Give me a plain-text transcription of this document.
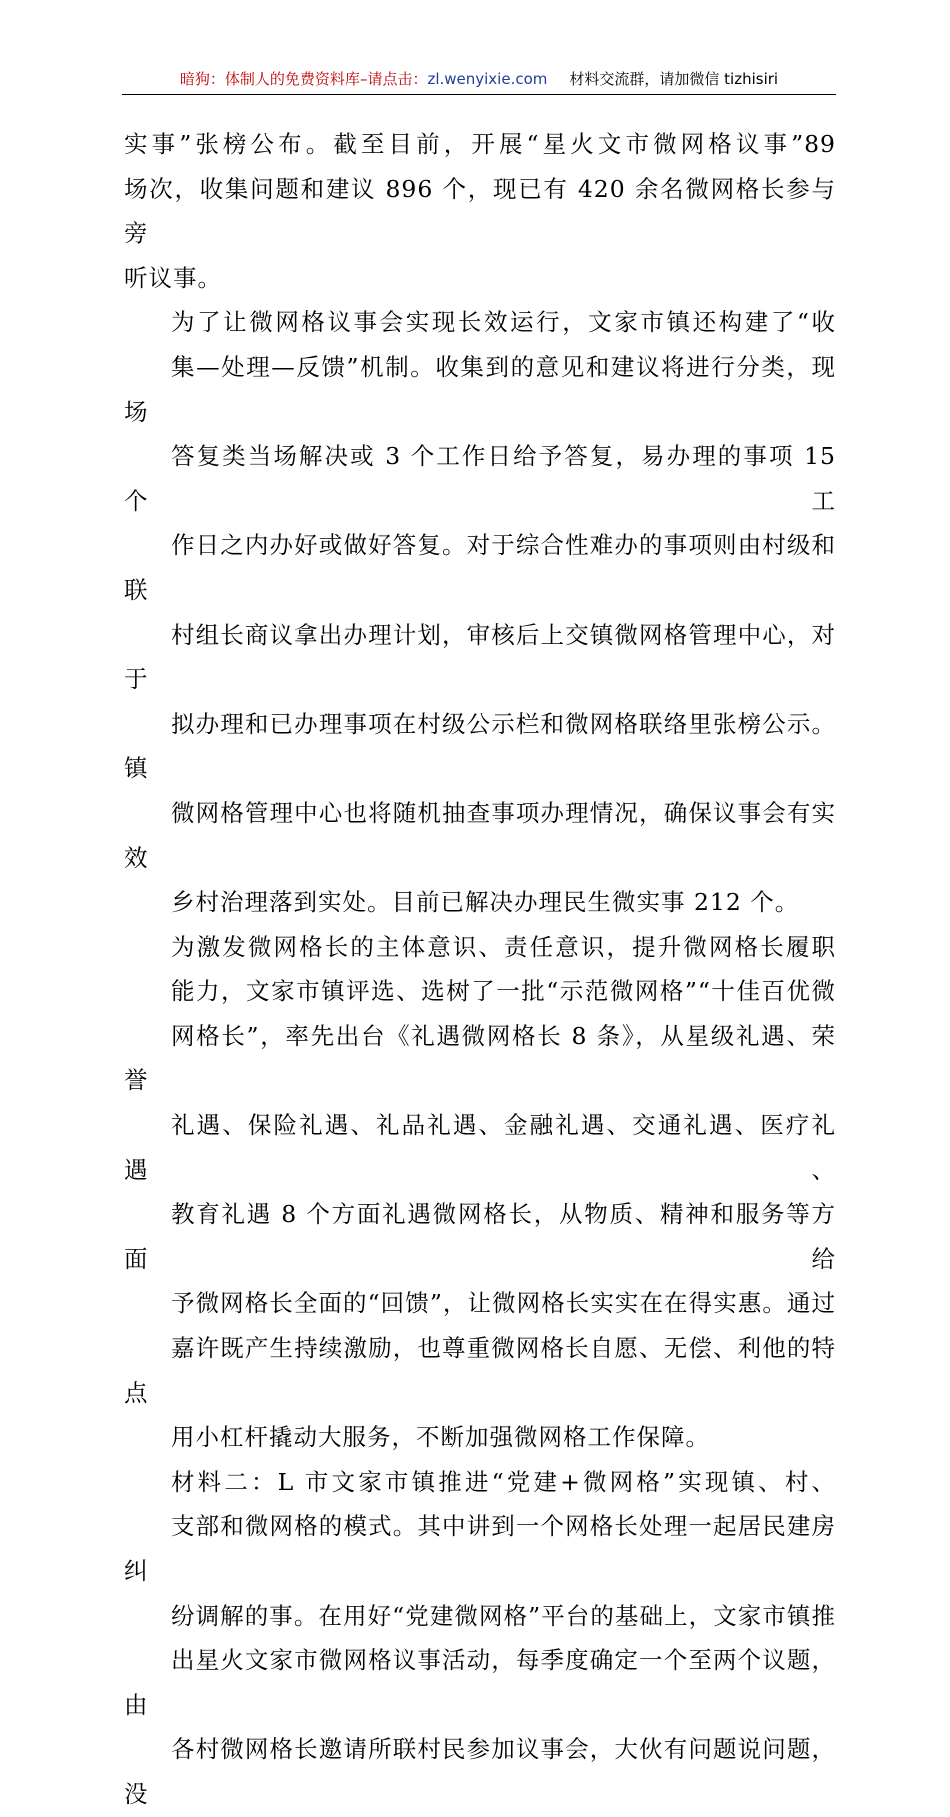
暗狗：体制人的免费资料库–请点击：zl.wenyixie.com 材料交流群，请加微信 tizhisiri

实事”张榜公布。截至目前，开展“星火文市微网格议事”89
场次，收集问题和建议 896 个，现已有 420 余名微网格长参与旁
听议事。

为了让微网格议事会实现长效运行，文家市镇还构建了“收
集—处理—反馈”机制。收集到的意见和建议将进行分类，现场
答复类当场解决或 3 个工作日给予答复，易办理的事项 15 个工
作日之内办好或做好答复。对于综合性难办的事项则由村级和联
村组长商议拿出办理计划，审核后上交镇微网格管理中心，对于
拟办理和已办理事项在村级公示栏和微网格联络里张榜公示。镇
微网格管理中心也将随机抽查事项办理情况，确保议事会有实效
乡村治理落到实处。目前已解决办理民生微实事 212 个。

为激发微网格长的主体意识、责任意识，提升微网格长履职
能力，文家市镇评选、选树了一批“示范微网格”“十佳百优微
网格长”，率先出台《礼遇微网格长 8 条》，从星级礼遇、荣誉
礼遇、保险礼遇、礼品礼遇、金融礼遇、交通礼遇、医疗礼遇、
教育礼遇 8 个方面礼遇微网格长，从物质、精神和服务等方面给
予微网格长全面的“回馈”，让微网格长实实在在得实惠。通过
嘉许既产生持续激励，也尊重微网格长自愿、无偿、利他的特点
用小杠杆撬动大服务，不断加强微网格工作保障。

材料二：L 市文家市镇推进“党建+微网格”实现镇、村、
支部和微网格的模式。其中讲到一个网格长处理一起居民建房纠
纷调解的事。在用好“党建微网格”平台的基础上，文家市镇推
出星火文家市微网格议事活动，每季度确定一个至两个议题，由
各村微网格长邀请所联村民参加议事会，大伙有问题说问题，没
